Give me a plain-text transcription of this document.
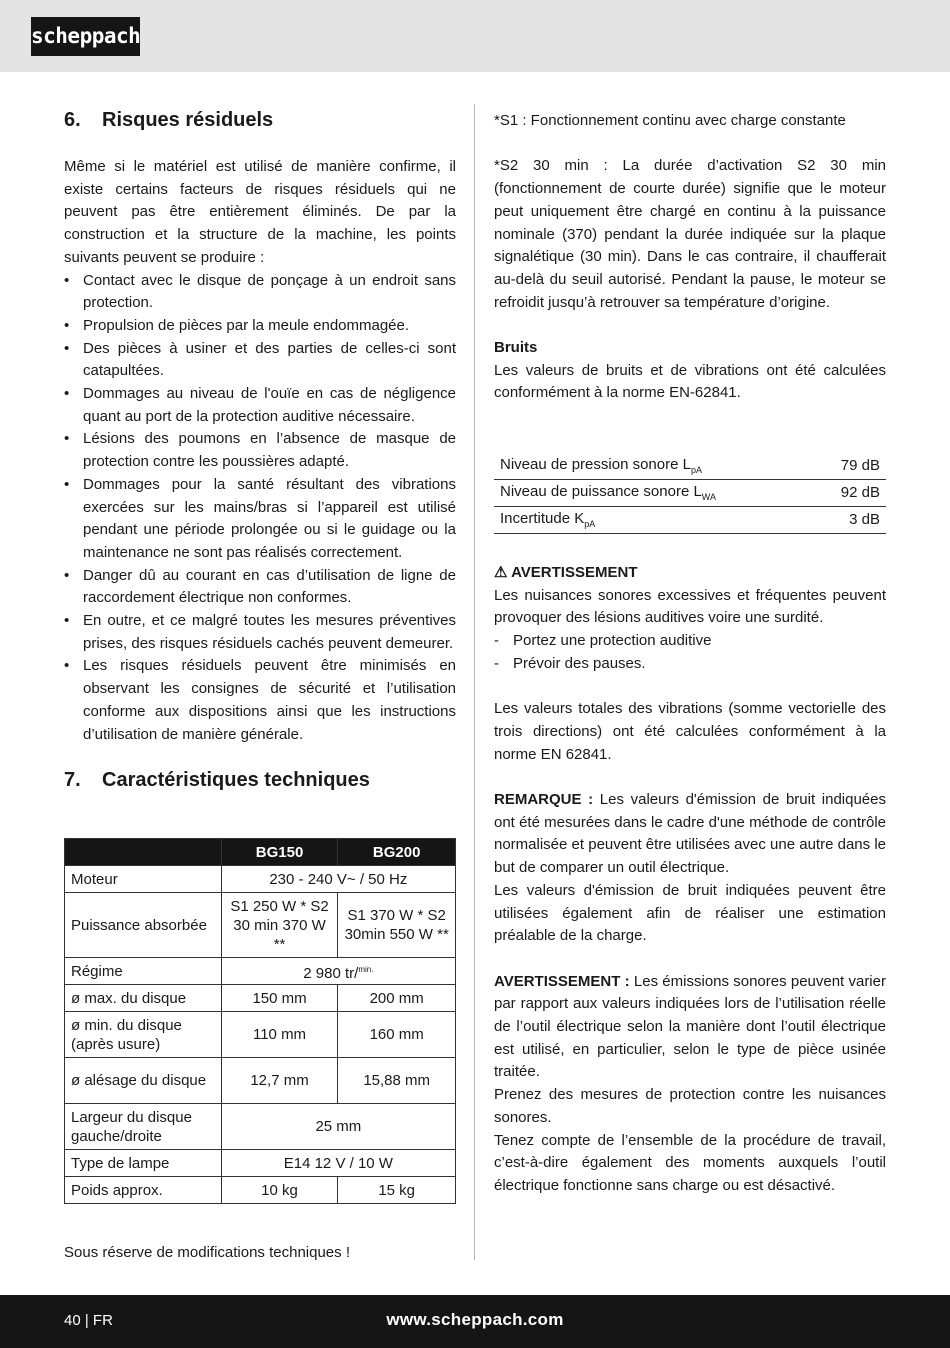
scheppach
6.	Risques résiduels

Même si le matériel est utilisé de manière confirme, il existe certains facteurs de risques résiduels qui ne peuvent pas être entièrement éliminés. De par la construction et la structure de la machine, les points suivants peuvent se produire :

• Contact avec le disque de ponçage à un endroit sans protection.
• Propulsion de pièces par la meule endommagée.
• Des pièces à usiner et des parties de celles-ci sont catapultées.
• Dommages au niveau de l'ouïe en cas de négligence quant au port de la protection auditive nécessaire.
• Lésions des poumons en l’absence de masque de protection contre les poussières adapté.
• Dommages pour la santé résultant des vibrations exercées sur les mains/bras si l’appareil est utilisé pendant une période prolongée ou si le guidage ou la maintenance ne sont pas réalisés correctement.
• Danger dû au courant en cas d’utilisation de ligne de raccordement électrique non conformes.
• En outre, et ce malgré toutes les mesures préventives prises, des risques résiduels cachés peuvent demeurer.
• Les risques résiduels peuvent être minimisés en observant les consignes de sécurité et l’utilisation conforme aux dispositions ainsi que les instructions d’utilisation de manière générale.
7.	Caractéristiques techniques
	BG150	BG200
Moteur	230 - 240 V~ / 50 Hz	
Puissance absorbée	S1 250 W * S2 30 min 370 W **	S1 370 W * S2 30min 550 W **
Régime	2 980 tr/$^{min.}$
ø max. du disque	150 mm	200 mm
ø min. du disque (après usure)	110 mm	160 mm
ø alésage du disque	12,7 mm	15,88 mm
Largeur du disque gauche/droite	25 mm	
Type de lampe	E14 12 V / 10 W	
Poids approx.	10 kg	15 kg
Sous réserve de modifications techniques !

*S1 : Fonctionnement continu avec charge constante

*S2 30 min : La durée d’activation S2 30 min (fonctionnement de courte durée) signifie que le moteur peut uniquement être chargé en continu à la puissance nominale (370) pendant la durée indiquée sur la plaque signalétique (30 min). Dans le cas contraire, il chaufferait au-delà du seuil autorisé. Pendant la pause, le moteur se refroidit jusqu’à retrouver sa température d’origine.

Bruits

Les valeurs de bruits et de vibrations ont été calculées conformément à la norme EN-62841.

Niveau de pression sonore $L_{pA}$	79 dB
Niveau de puissance sonore $L_{WA}$	92 dB
Incertitude $K_{pA}$	3 dB
⚠ AVERTISSEMENT

Les nuisances sonores excessives et fréquentes peuvent provoquer des lésions auditives voire une surdité.

- Portez une protection auditive
- Prévoir des pauses.

Les valeurs totales des vibrations (somme vectorielle des trois directions) ont été calculées conformément à la norme EN 62841.

REMARQUE : Les valeurs d'émission de bruit indiquées ont été mesurées dans le cadre d'une méthode de contrôle normalisée et peuvent être utilisées avec une autre dans le but de comparer un outil électrique.

Les valeurs d'émission de bruit indiquées peuvent être utilisées également afin de réaliser une estimation préalable de la charge.

AVERTISSEMENT : Les émissions sonores peuvent varier par rapport aux valeurs indiquées lors de l’utilisation réelle de l’outil électrique selon la manière dont l’outil électrique est utilisé, en particulier, selon le type de pièce usinée traitée.

Prenez des mesures de protection contre les nuisances sonores.

Tenez compte de l’ensemble de la procédure de travail, c’est-à-dire également des moments auxquels l’outil électrique fonctionne sans charge ou est désactivé.

40 | FR	www.scheppach.com
